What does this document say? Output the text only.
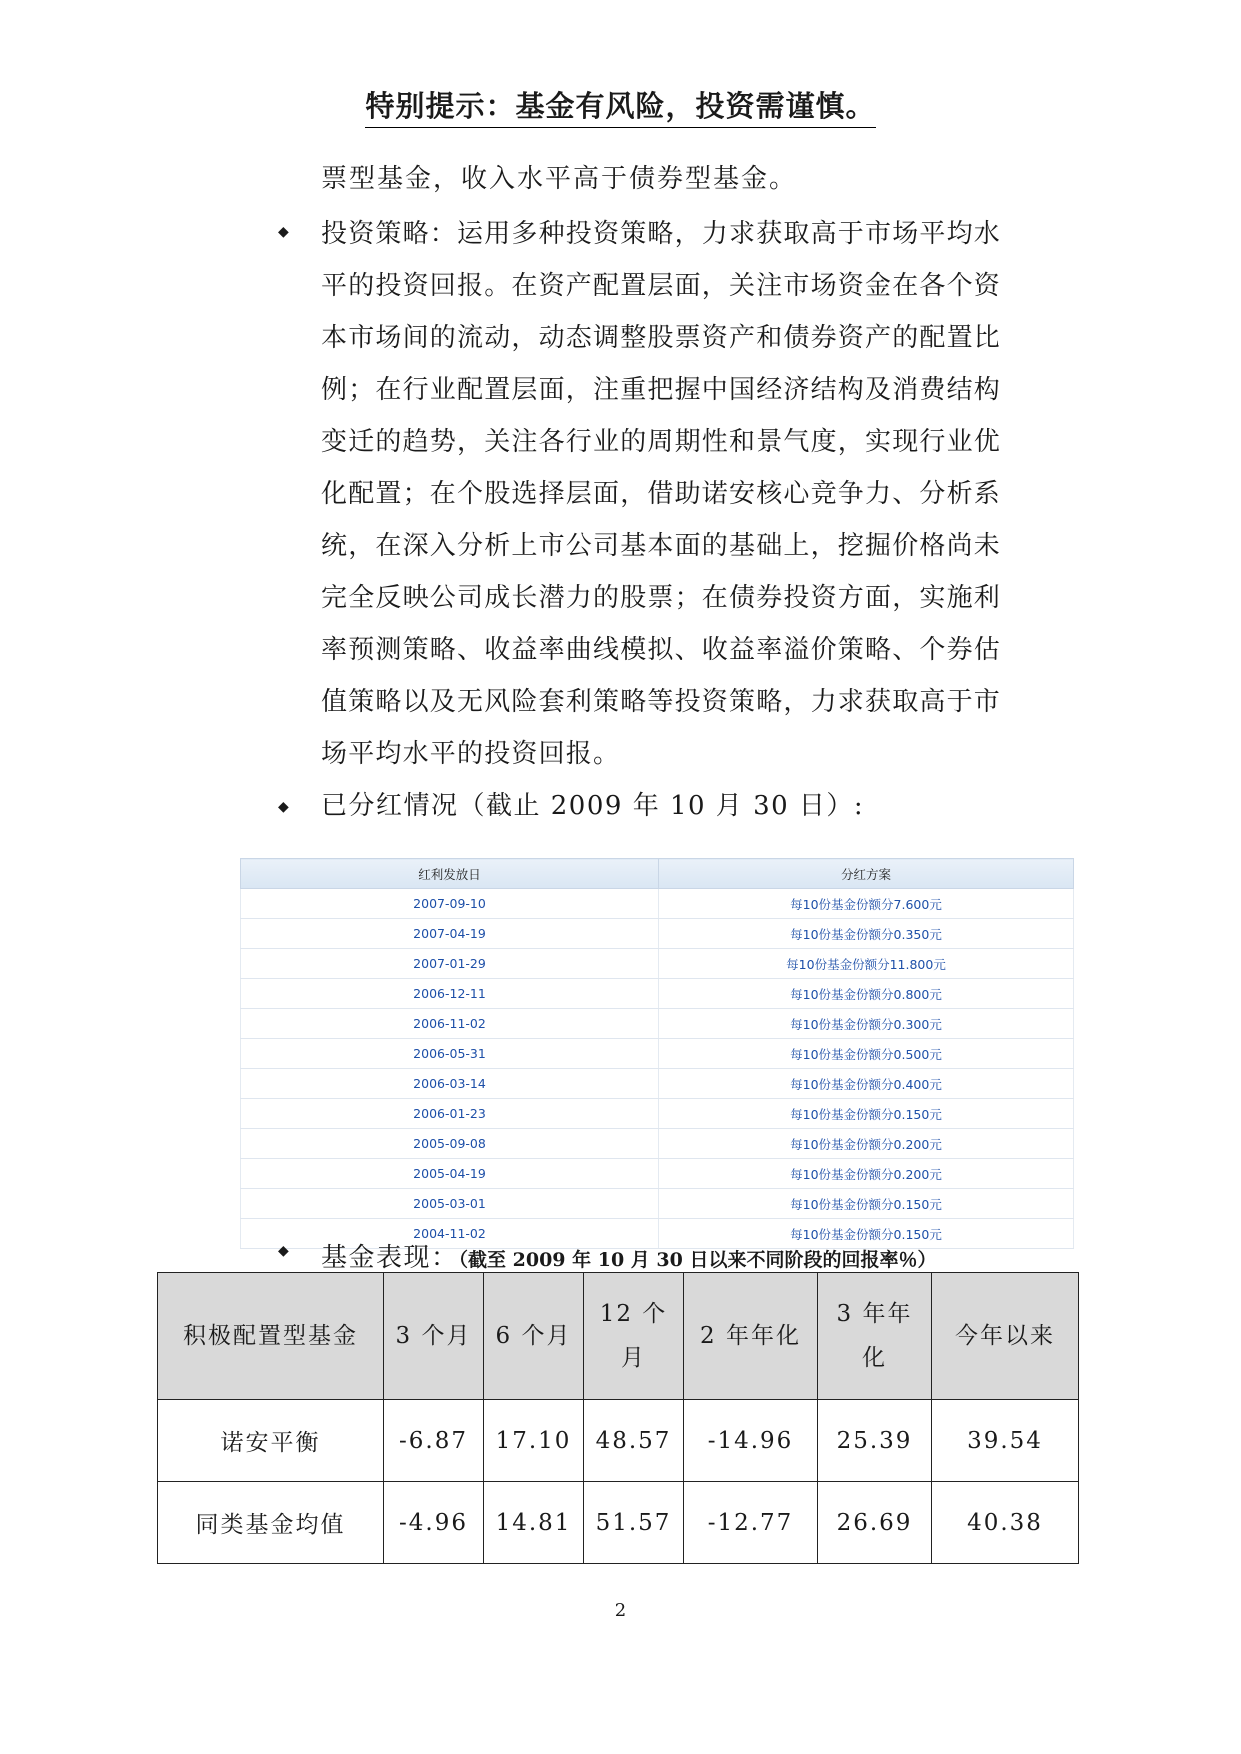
特别提示：基金有风险，投资需谨慎。
票型基金，收入水平高于债券型基金。
◆ 投资策略：运用多种投资策略，力求获取高于市场平均水
平的投资回报。在资产配置层面，关注市场资金在各个资
本市场间的流动，动态调整股票资产和债券资产的配置比
例；在行业配置层面，注重把握中国经济结构及消费结构
变迁的趋势，关注各行业的周期性和景气度，实现行业优
化配置；在个股选择层面，借助诺安核心竞争力、分析系
统，在深入分析上市公司基本面的基础上，挖掘价格尚未
完全反映公司成长潜力的股票；在债券投资方面，实施利
率预测策略、收益率曲线模拟、收益率溢价策略、个券估
值策略以及无风险套利策略等投资策略，力求获取高于市
场平均水平的投资回报。
◆ 已分红情况（截止 2009 年 10 月 30 日）:
红利发放日	分红方案
2007-09-10	每10份基金份额分7.600元
2007-04-19	每10份基金份额分0.350元
2007-01-29	每10份基金份额分11.800元
2006-12-11	每10份基金份额分0.800元
2006-11-02	每10份基金份额分0.300元
2006-05-31	每10份基金份额分0.500元
2006-03-14	每10份基金份额分0.400元
2006-01-23	每10份基金份额分0.150元
2005-09-08	每10份基金份额分0.200元
2005-04-19	每10份基金份额分0.200元
2005-03-01	每10份基金份额分0.150元
2004-11-02	每10份基金份额分0.150元
◆ 基金表现：（截至 2009 年 10 月 30 日以来不同阶段的回报率％）
积极配置型基金	3 个月	6 个月	12 个
月	2 年年化	3 年年
化	今年以来
诺安平衡	-6.87	17.10	48.57	-14.96	25.39	39.54
同类基金均值	-4.96	14.81	51.57	-12.77	26.69	40.38
2
